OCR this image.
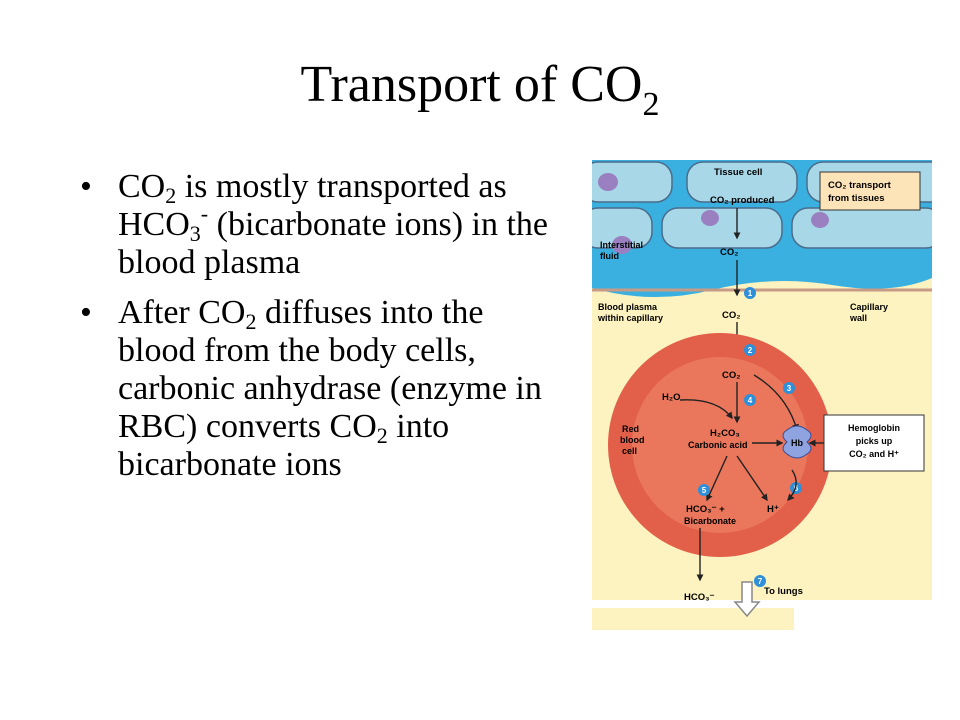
Transport of $CO_2$
• $CO_2$ is mostly transported as $HCO_3^-$ (bicarbonate ions) in the blood plasma
• After $CO_2$ diffuses into the blood from the body cells, carbonic anhydrase (enzyme in RBC) converts $CO_2$ into bicarbonate ions
Tissue cell
CO₂ produced
CO₂ transport
from tissues
Interstitial
fluid	CO₂
1
Blood plasma
within capillary	CO₂
Capillary
wall
2
CO₂
H₂O	4
3
Red
blood
cell
H₂CO₃
Carbonic acid	Hb
Hemoglobin
picks up
CO₂ and H⁺
5	6
HCO₃⁻ +	H⁺
Bicarbonate
7
HCO₃⁻
To lungs
